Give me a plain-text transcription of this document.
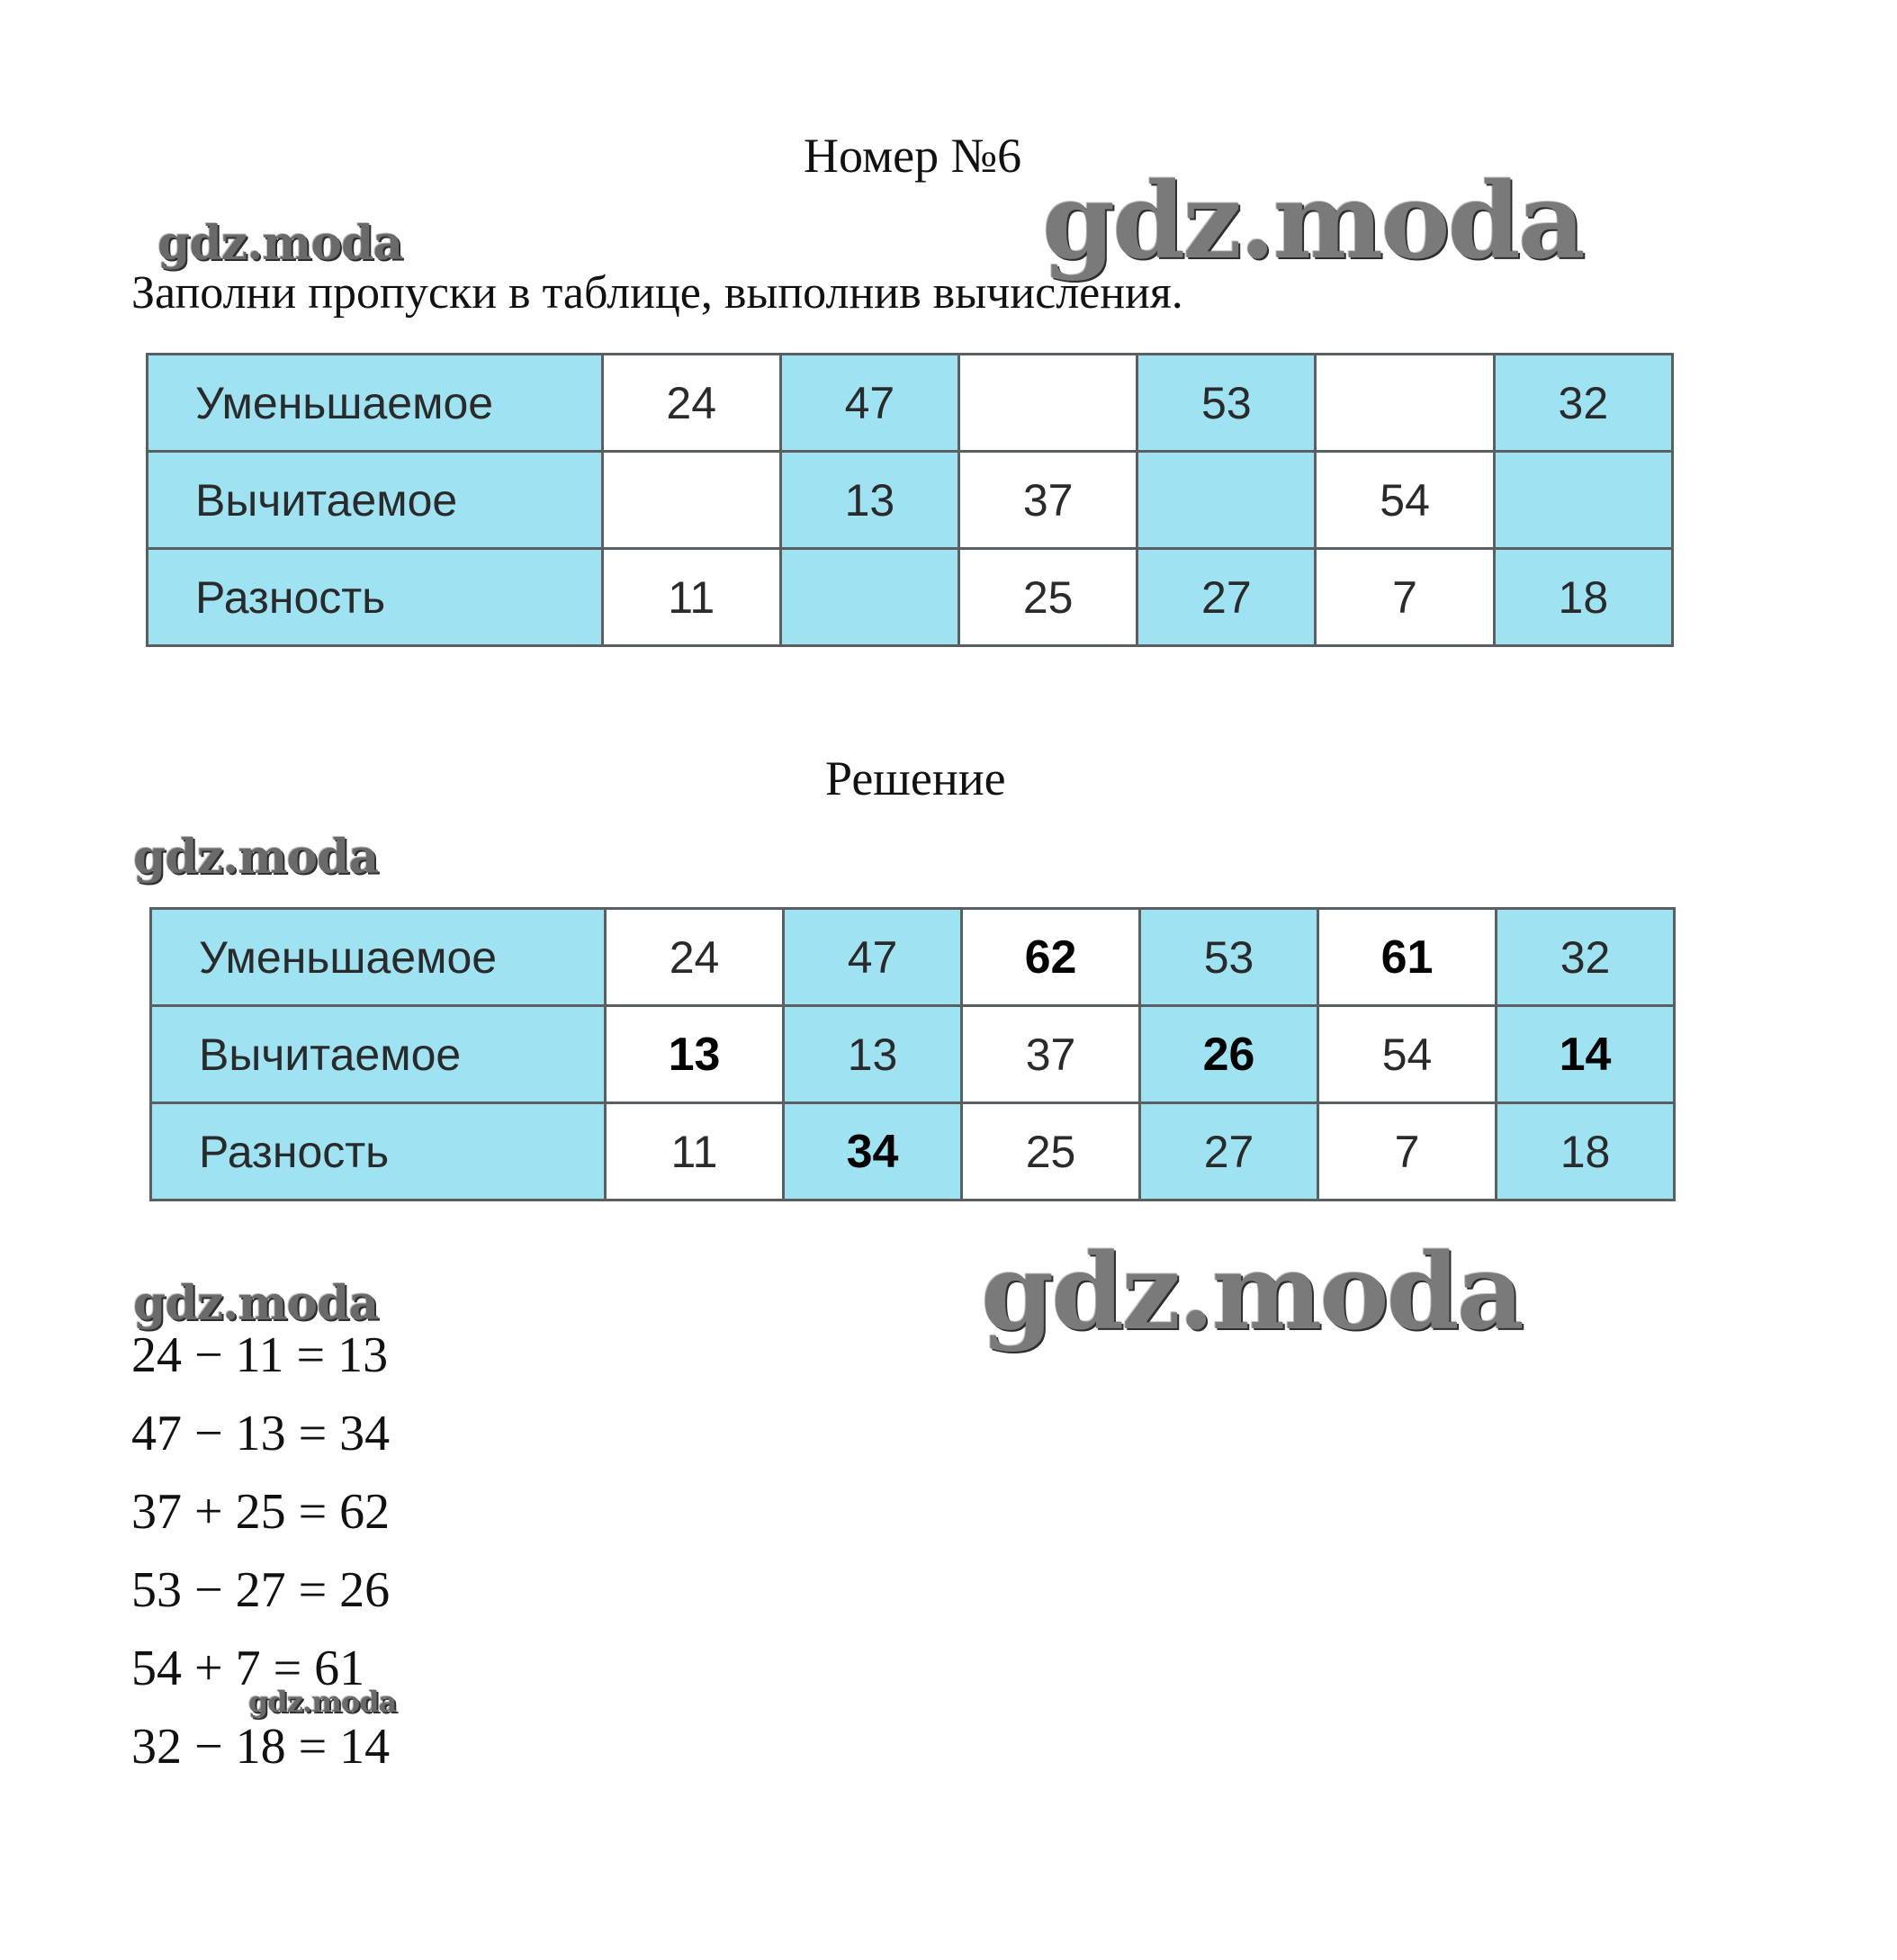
gdz.moda
gdz.moda
gdz.moda
gdz.moda
gdz.moda
gdz.moda
Номер №6
Заполни пропуски в таблице, выполнив вычисления.
Уменьшаемое	24	47		53		32
Вычитаемое		13	37		54	
Разность	11		25	27	7	18
Решение
Уменьшаемое	24	47	62	53	61	32
Вычитаемое	13	13	37	26	54	14
Разность	11	34	25	27	7	18
24 − 11 = 13
47 − 13 = 34
37 + 25 = 62
53 − 27 = 26
54 + 7 = 61
32 − 18 = 14
